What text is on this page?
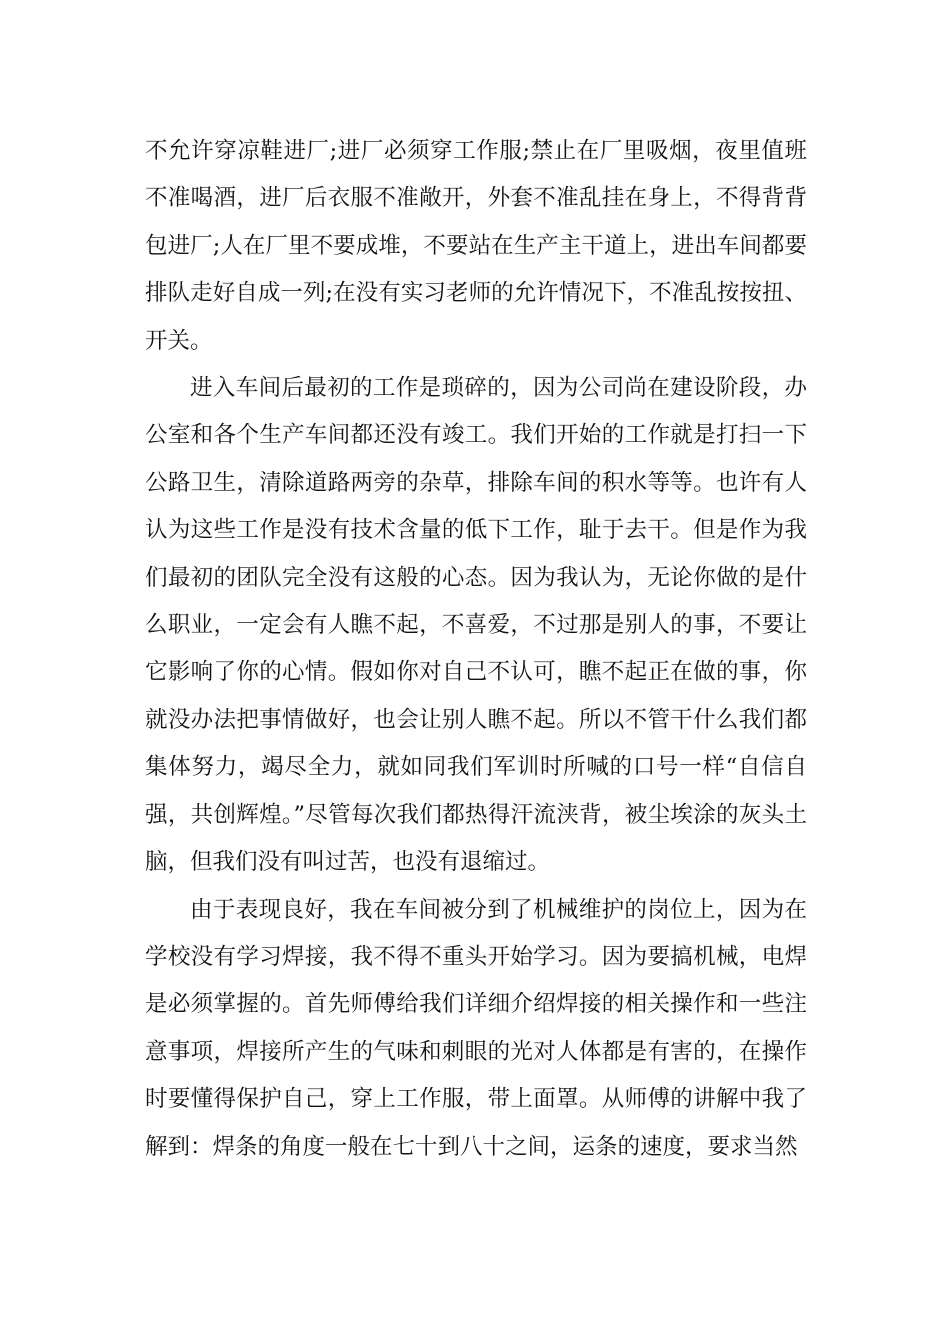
不允许穿凉鞋进厂;进厂必须穿工作服;禁止在厂里吸烟，夜里值班不准喝酒，进厂后衣服不准敞开，外套不准乱挂在身上，不得背背包进厂;人在厂里不要成堆，不要站在生产主干道上，进出车间都要排队走好自成一列;在没有实习老师的允许情况下，不准乱按按扭、开关。

进入车间后最初的工作是琐碎的，因为公司尚在建设阶段，办公室和各个生产车间都还没有竣工。我们开始的工作就是打扫一下公路卫生，清除道路两旁的杂草，排除车间的积水等等。也许有人认为这些工作是没有技术含量的低下工作，耻于去干。但是作为我们最初的团队完全没有这般的心态。因为我认为，无论你做的是什么职业，一定会有人瞧不起，不喜爱，不过那是别人的事，不要让它影响了你的心情。假如你对自己不认可，瞧不起正在做的事，你就没办法把事情做好，也会让别人瞧不起。所以不管干什么我们都集体努力，竭尽全力，就如同我们军训时所喊的口号一样“自信自强，共创辉煌。”尽管每次我们都热得汗流浃背，被尘埃涂的灰头土脑，但我们没有叫过苦，也没有退缩过。

由于表现良好，我在车间被分到了机械维护的岗位上，因为在学校没有学习焊接，我不得不重头开始学习。因为要搞机械，电焊是必须掌握的。首先师傅给我们详细介绍焊接的相关操作和一些注意事项，焊接所产生的气味和刺眼的光对人体都是有害的，在操作时要懂得保护自己，穿上工作服，带上面罩。从师傅的讲解中我了解到：焊条的角度一般在七十到八十之间，运条的速度，要求当然
